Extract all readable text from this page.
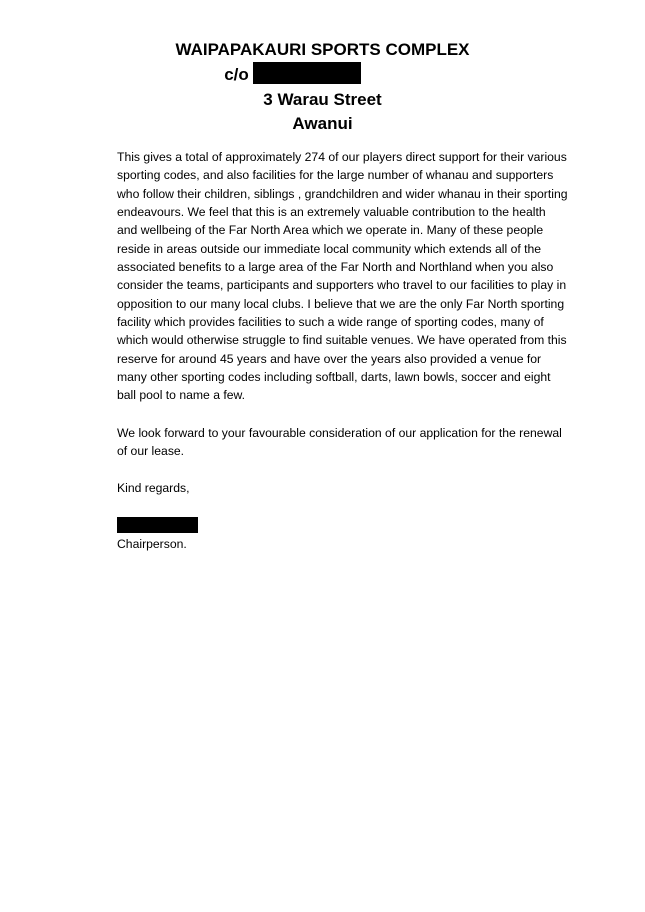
WAIPAPAKAURI SPORTS COMPLEX
c/o
3 Warau Street
Awanui

This gives a total of approximately 274 of our players direct support for their various sporting codes, and also facilities for the large number of whanau and supporters who follow their children, siblings , grandchildren and wider whanau in their sporting endeavours. We feel that this is an extremely valuable contribution to the health and wellbeing of the Far North Area which we operate in. Many of these people reside in areas outside our immediate local community which extends all of the associated benefits to a large area of the Far North and Northland when you also consider the teams, participants and supporters who travel to our facilities to play in opposition to our many local clubs. I believe that we are the only Far North sporting facility which provides facilities to such a wide range of sporting codes, many of which would otherwise struggle to find suitable venues. We have operated from this reserve for around 45 years and have over the years also provided a venue for many other sporting codes including softball, darts, lawn bowls, soccer and eight ball pool to name a few.

We look forward to your favourable consideration of our application for the renewal of our lease.

Kind regards,

Chairperson.
